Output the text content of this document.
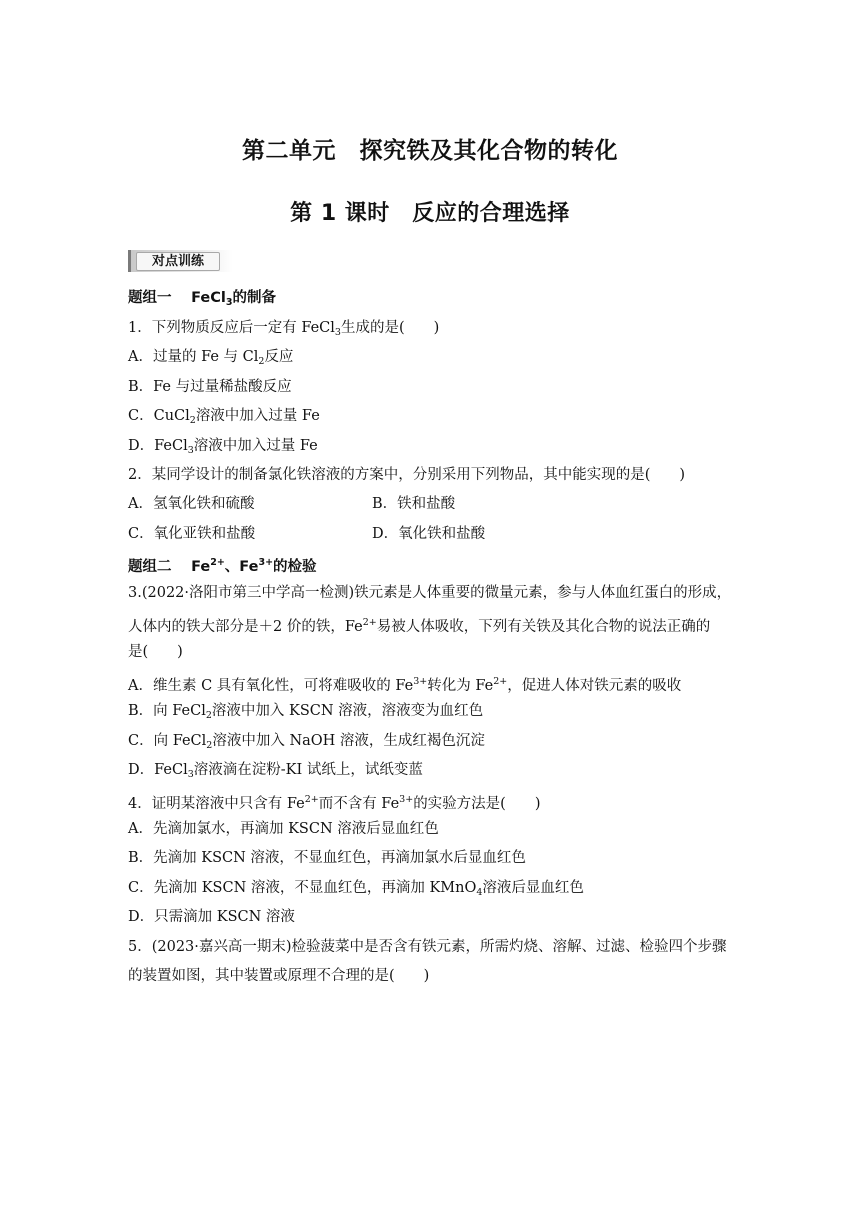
第二单元　探究铁及其化合物的转化
第 1 课时　反应的合理选择
对点训练
题组一　 FeCl$_3$的制备
1．下列物质反应后一定有 FeCl$_3$生成的是(　　)
A．过量的 Fe 与 $Cl_2$反应
B．Fe 与过量稀盐酸反应
C．CuCl$_2$溶液中加入过量 Fe
D．FeCl$_3$溶液中加入过量 Fe
2．某同学设计的制备氯化铁溶液的方案中，分别采用下列物品，其中能实现的是(　　)
A．氢氧化铁和硫酸	B．铁和盐酸
C．氧化亚铁和盐酸	D．氧化铁和盐酸
题组二　 $Fe^{2+}$、$Fe^{3+}$的检验
3.(2022·洛阳市第三中学高一检测)铁元素是人体重要的微量元素，参与人体血红蛋白的形成，
人体内的铁大部分是＋2 价的铁，$Fe^{2+}$易被人体吸收，下列有关铁及其化合物的说法正确的
是(　　)
A．维生素 C 具有氧化性，可将难吸收的 $Fe^{3+}$转化为 $Fe^{2+}$，促进人体对铁元素的吸收
B．向 FeCl$_2$溶液中加入 KSCN 溶液，溶液变为血红色
C．向 FeCl$_2$溶液中加入 NaOH 溶液，生成红褐色沉淀
D．FeCl$_3$溶液滴在淀粉-KI 试纸上，试纸变蓝
4．证明某溶液中只含有 $Fe^{2+}$而不含有 $Fe^{3+}$的实验方法是(　　)
A．先滴加氯水，再滴加 KSCN 溶液后显血红色
B．先滴加 KSCN 溶液，不显血红色，再滴加氯水后显血红色
C．先滴加 KSCN 溶液，不显血红色，再滴加 KMnO$_4$溶液后显血红色
D．只需滴加 KSCN 溶液
5．(2023·嘉兴高一期末)检验菠菜中是否含有铁元素，所需灼烧、溶解、过滤、检验四个步骤
的装置如图，其中装置或原理不合理的是(　　)
